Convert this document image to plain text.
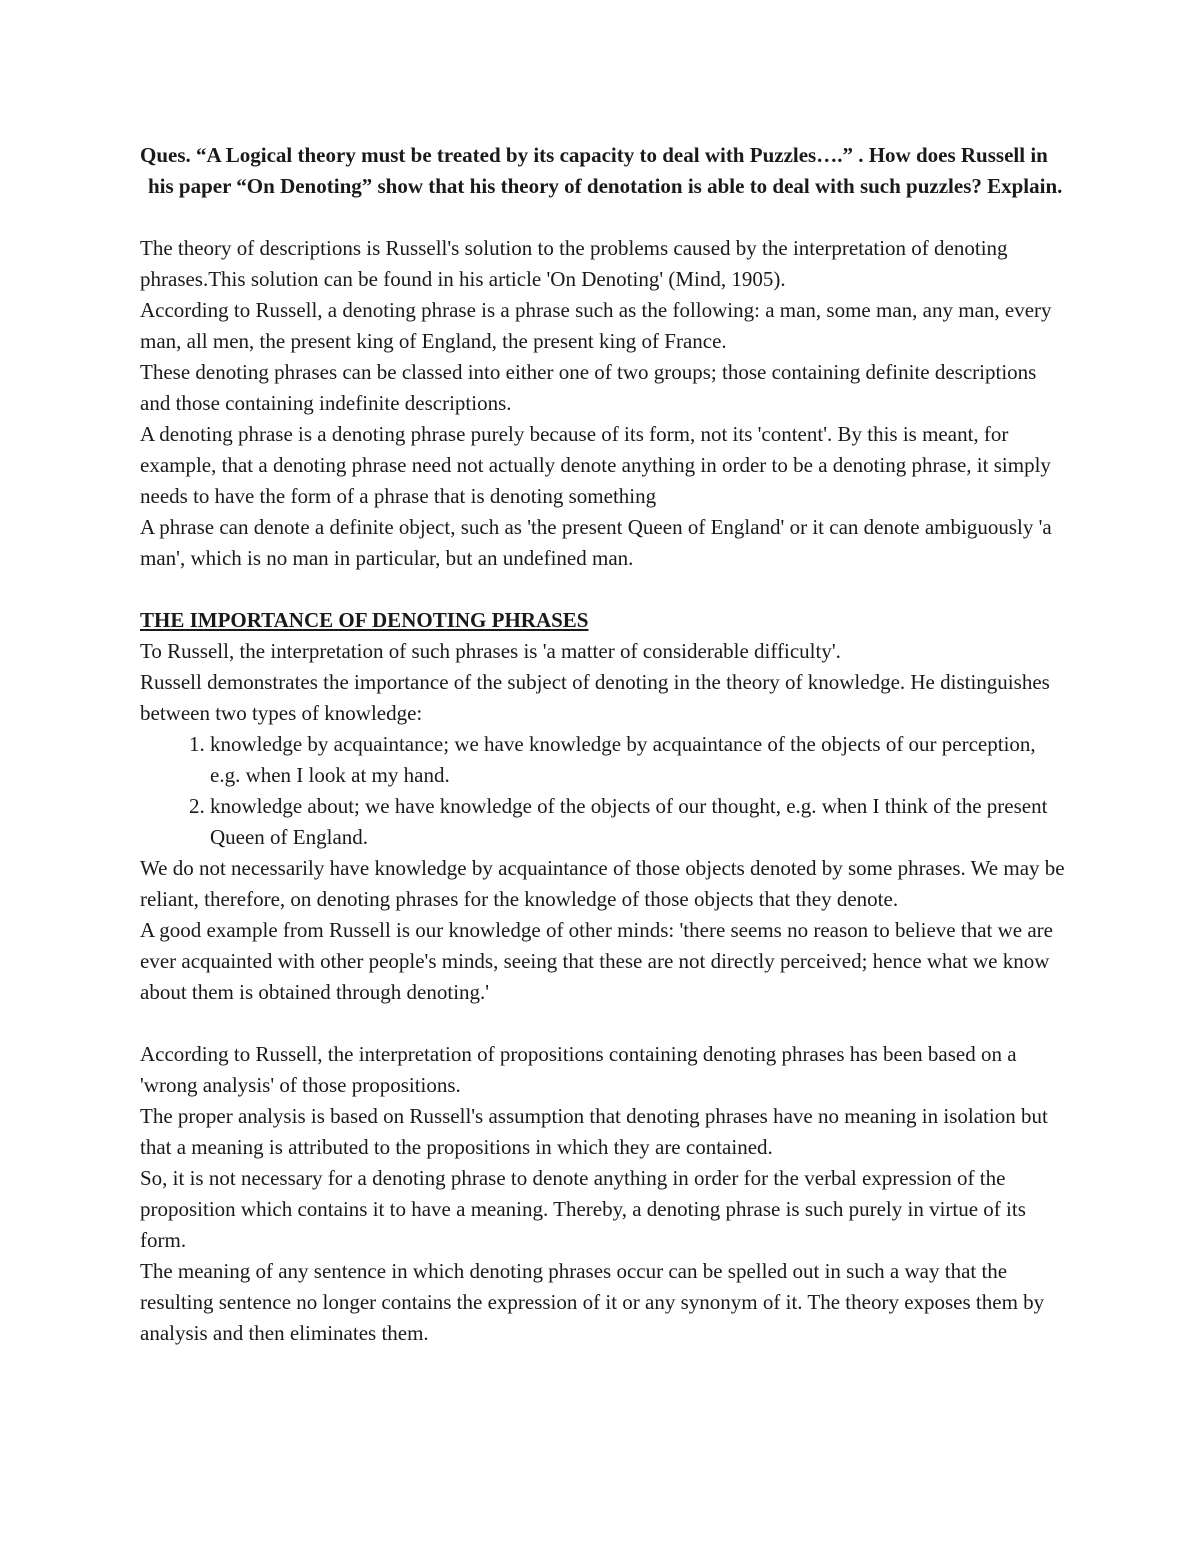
Ques. “A Logical theory must be treated by its capacity to deal with Puzzles….” . How does Russell in his paper “On Denoting” show that his theory of denotation is able to deal with such puzzles? Explain.

The theory of descriptions is Russell's solution to the problems caused by the interpretation of denoting phrases.This solution can be found in his article 'On Denoting' (Mind, 1905).

According to Russell, a denoting phrase is a phrase such as the following: a man, some man, any man, every man, all men, the present king of England, the present king of France.

These denoting phrases can be classed into either one of two groups; those containing definite descriptions and those containing indefinite descriptions.

A denoting phrase is a denoting phrase purely because of its form, not its 'content'. By this is meant, for example, that a denoting phrase need not actually denote anything in order to be a denoting phrase, it simply needs to have the form of a phrase that is denoting something

A phrase can denote a definite object, such as 'the present Queen of England' or it can denote ambiguously 'a man', which is no man in particular, but an undefined man.

THE IMPORTANCE OF DENOTING PHRASES

To Russell, the interpretation of such phrases is 'a matter of considerable difficulty'.

Russell demonstrates the importance of the subject of denoting in the theory of knowledge. He distinguishes between two types of knowledge:

1. knowledge by acquaintance; we have knowledge by acquaintance of the objects of our perception, e.g. when I look at my hand.
2. knowledge about; we have knowledge of the objects of our thought, e.g. when I think of the present Queen of England.

We do not necessarily have knowledge by acquaintance of those objects denoted by some phrases. We may be reliant, therefore, on denoting phrases for the knowledge of those objects that they denote.

A good example from Russell is our knowledge of other minds: 'there seems no reason to believe that we are ever acquainted with other people's minds, seeing that these are not directly perceived; hence what we know about them is obtained through denoting.'

According to Russell, the interpretation of propositions containing denoting phrases has been based on a 'wrong analysis' of those propositions.

The proper analysis is based on Russell's assumption that denoting phrases have no meaning in isolation but that a meaning is attributed to the propositions in which they are contained.

So, it is not necessary for a denoting phrase to denote anything in order for the verbal expression of the proposition which contains it to have a meaning. Thereby, a denoting phrase is such purely in virtue of its form.

The meaning of any sentence in which denoting phrases occur can be spelled out in such a way that the resulting sentence no longer contains the expression of it or any synonym of it. The theory exposes them by analysis and then eliminates them.
